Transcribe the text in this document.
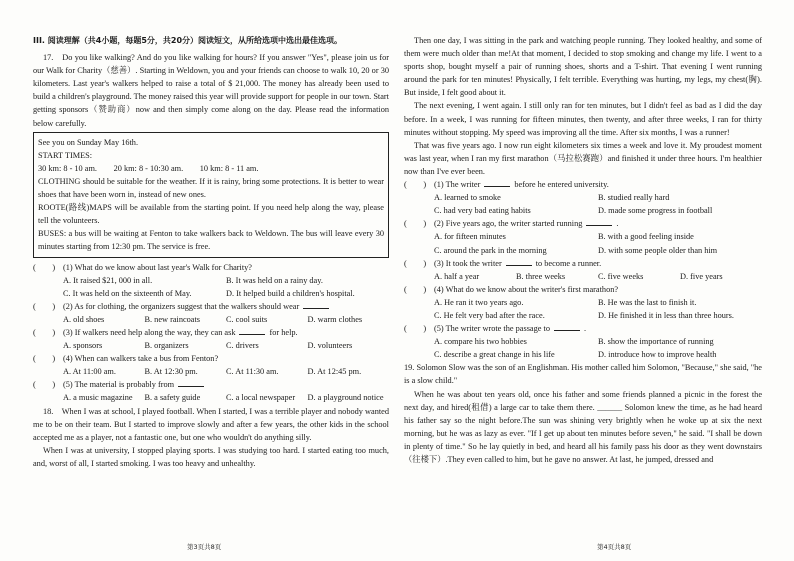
III. 阅读理解（共4小题，每题5分，共20分）阅读短文，从所给选项中选出最佳选项。

17.　Do you like walking? And do you like walking for hours? If you answer "Yes", please join us for our Walk for Charity（慈善）. Starting in Weldown, you and your friends can choose to walk 10, 20 or 30 kilometers. Last year's walkers helped to raise a total of $ 21,000. The money has already been used to build a children's playground. The money raised this year will provide support for people in our town. Start getting sponsors（赞助商）now and then simply come along on the day. Please read the information below carefully.

See you on Sunday May 16th.

START TIMES:

30 km: 8 - 10 am.　　20 km: 8 - 10:30 am.　　10 km: 8 - 11 am.

CLOTHING should be suitable for the weather. If it is rainy, bring some protections. It is better to wear shoes that have been worn in, instead of new ones.

ROOTE(路线)MAPS will be available from the starting point. If you need help along the way, please tell the volunteers.

BUSES: a bus will be waiting at Fenton to take walkers back to Weldown. The bus will leave every 30 minutes starting from 12:30 pm. The service is free.

(　　) (1) What do we know about last year's Walk for Charity?
A. It raised $21, 000 in all.	B. It was held on a rainy day.
C. It was held on the sixteenth of May.	D. It helped build a children's hospital.
(　　) (2) As for clothing, the organizers suggest that the walkers should wear
A. old shoes	B. new raincoats	C. cool suits	D. warm clothes
(　　) (3) If walkers need help along the way, they can ask	for help.
A. sponsors	B. organizers	C. drivers	D. volunteers
(　　) (4) When can walkers take a bus from Fenton?
A. At 11:00 am.	B. At 12:30 pm.	C. At 11:30 am.	D. At 12:45 pm.
(　　) (5) The material is probably from
A. a music magazine	B. a safety guide	C. a local newspaper	D. a playground notice

18.　When I was at school, I played football. When I started, I was a terrible player and nobody wanted me to be on their team. But I started to improve slowly and after a few years, the other kids in the school accepted me as a player, not a fantastic one, but one who wouldn't do anything silly.

When I was at university, I stopped playing sports. I was studying too hard. I started eating too much, and, worst of all, I started smoking. I was too heavy and unhealthy.

Then one day, I was sitting in the park and watching people running. They looked healthy, and some of them were much older than me!At that moment, I decided to stop smoking and change my life. I went to a sports shop, bought myself a pair of running shoes, shorts and a T-shirt. That evening I went running around the park for ten minutes! Physically, I felt terrible. Everything was hurting, my legs, my chest(胸). But inside, I felt good about it.

The next evening, I went again. I still only ran for ten minutes, but I didn't feel as bad as I did the day before. In a week, I was running for fifteen minutes, then twenty, and after three weeks, I ran for thirty minutes without stopping. My speed was improving all the time. After six months, I was a runner!

That was five years ago. I now run eight kilometers six times a week and love it. My proudest moment was last year, when I ran my first marathon（马拉松赛跑）and finished it under three hours. I'm healthier now than I've ever been.

(　　) (1) The writer	before he entered university.
A. learned to smoke	B. studied really hard
C. had very bad eating habits	D. made some progress in football
(　　) (2) Five years ago, the writer started running	.
A. for fifteen minutes	B. with a good feeling inside
C. around the park in the morning	D. with some people older than him
(　　) (3) It took the writer	to become a runner.
A. half a year	B. three weeks	C. five weeks	D. five years
(　　) (4) What do we know about the writer's first marathon?
A. He ran it two years ago.	B. He was the last to finish it.
C. He felt very bad after the race.	D. He finished it in less than three hours.
(　　) (5) The writer wrote the passage to	.
A. compare his two hobbies	B. show the importance of running
C. describe a great change in his life	D. introduce how to improve health

19. Solomon Slow was the son of an Englishman. His mother called him Solomon, "Because," she said, "he is a slow child."

When he was about ten years old, once his father and some friends planned a picnic in the forest the next day, and hired(租借) a large car to take them there. ______ Solomon knew the time, as he had heard his father say so the night before.The sun was shining very brightly when he woke up at six the next morning, but he was as lazy as ever. "If I get up about ten minutes before seven," he said. "I shall be down in plenty of time." So he lay quietly in bed, and heard all his family pass his door as they went downstairs（往楼下）.They even called to him, but he gave no answer. At last, he jumped, dressed and

第3页共8页	第4页共8页
